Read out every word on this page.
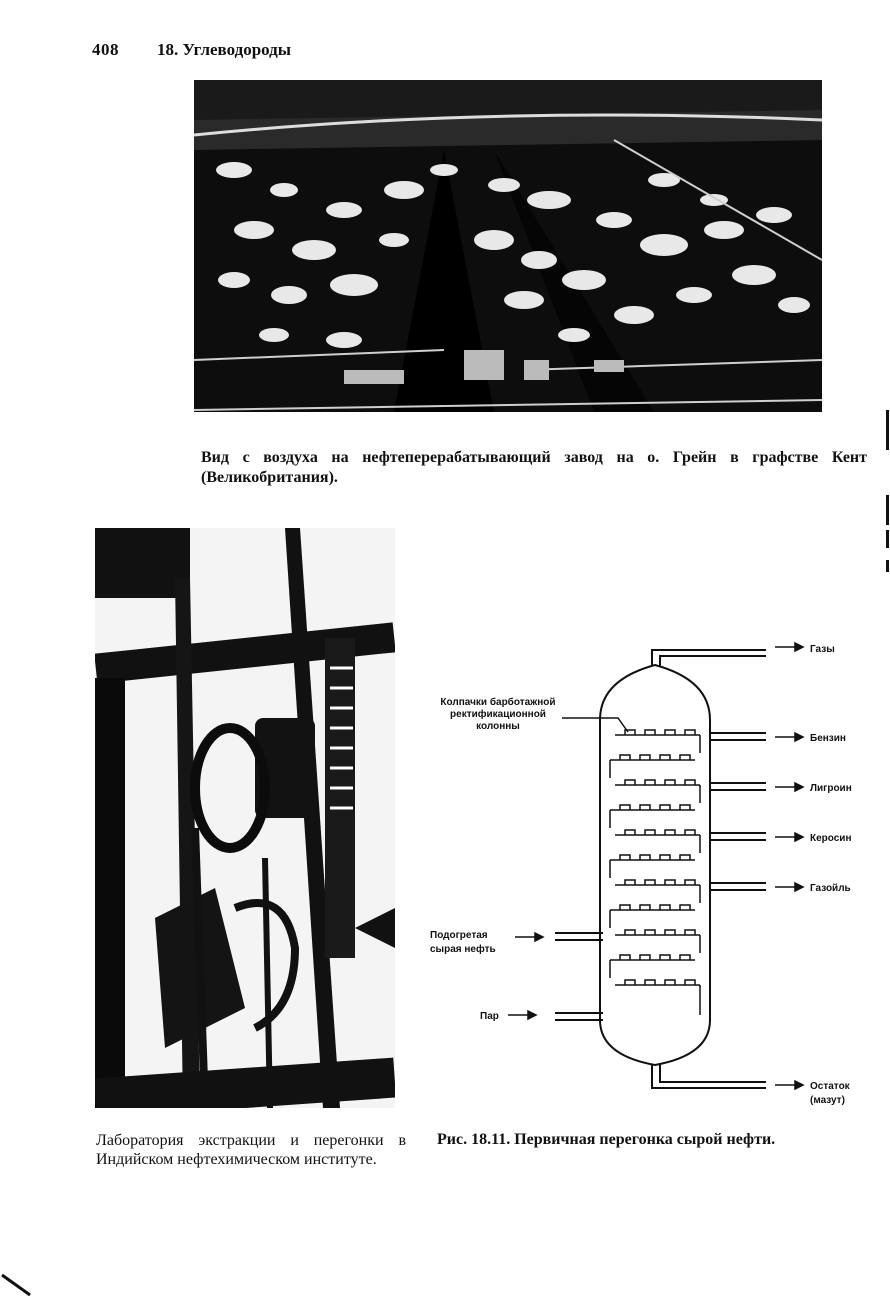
408 18. Углеводороды
Вид с воздуха на нефтеперерабатывающий завод на о. Грейн в графстве Кент (Великобритания).
Лаборатория экстракции и перегонки в Индийском нефтехимическом институте.
Газы
Бензин
Лигроин
Керосин
Газойль
Остаток
(мазут)
Колпачки барботажной
ректификационной
колонны
Подогретая
сырая нефть
Пар
Рис. 18.11. Первичная перегонка сырой нефти.
